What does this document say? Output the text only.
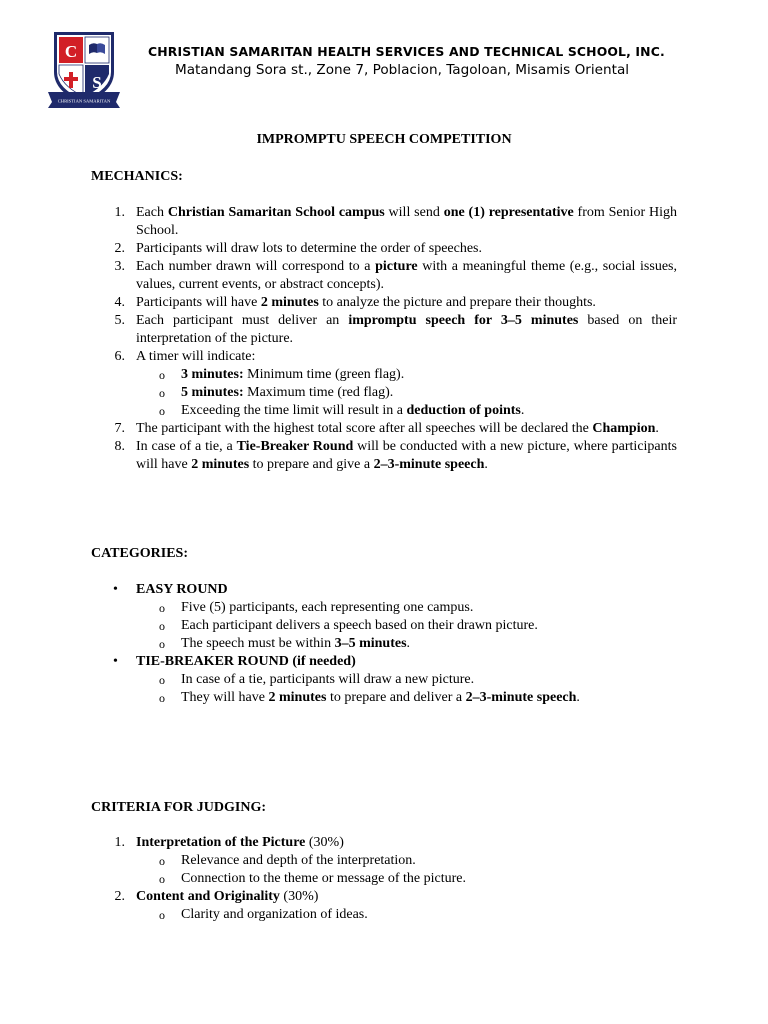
C
S
CHRISTIAN SAMARITAN
CHRISTIAN SAMARITAN HEALTH SERVICES AND TECHNICAL SCHOOL, INC.
Matandang Sora st., Zone 7, Poblacion, Tagoloan, Misamis Oriental
IMPROMPTU SPEECH COMPETITION
MECHANICS:
1. Each Christian Samaritan School campus will send one (1) representative from Senior High School.
2. Participants will draw lots to determine the order of speeches.
3. Each number drawn will correspond to a picture with a meaningful theme (e.g., social issues, values, current events, or abstract concepts).
4. Participants will have 2 minutes to analyze the picture and prepare their thoughts.
5. Each participant must deliver an impromptu speech for 3–5 minutes based on their interpretation of the picture.
6. A timer will indicate:
o 3 minutes: Minimum time (green flag).
o 5 minutes: Maximum time (red flag).
o Exceeding the time limit will result in a deduction of points.
7. The participant with the highest total score after all speeches will be declared the Champion.
8. In case of a tie, a Tie-Breaker Round will be conducted with a new picture, where participants will have 2 minutes to prepare and give a 2–3-minute speech.
CATEGORIES:
• EASY ROUND
o Five (5) participants, each representing one campus.
o Each participant delivers a speech based on their drawn picture.
o The speech must be within 3–5 minutes.
• TIE-BREAKER ROUND (if needed)
o In case of a tie, participants will draw a new picture.
o They will have 2 minutes to prepare and deliver a 2–3-minute speech.
CRITERIA FOR JUDGING:
1. Interpretation of the Picture (30%)
o Relevance and depth of the interpretation.
o Connection to the theme or message of the picture.
2. Content and Originality (30%)
o Clarity and organization of ideas.
